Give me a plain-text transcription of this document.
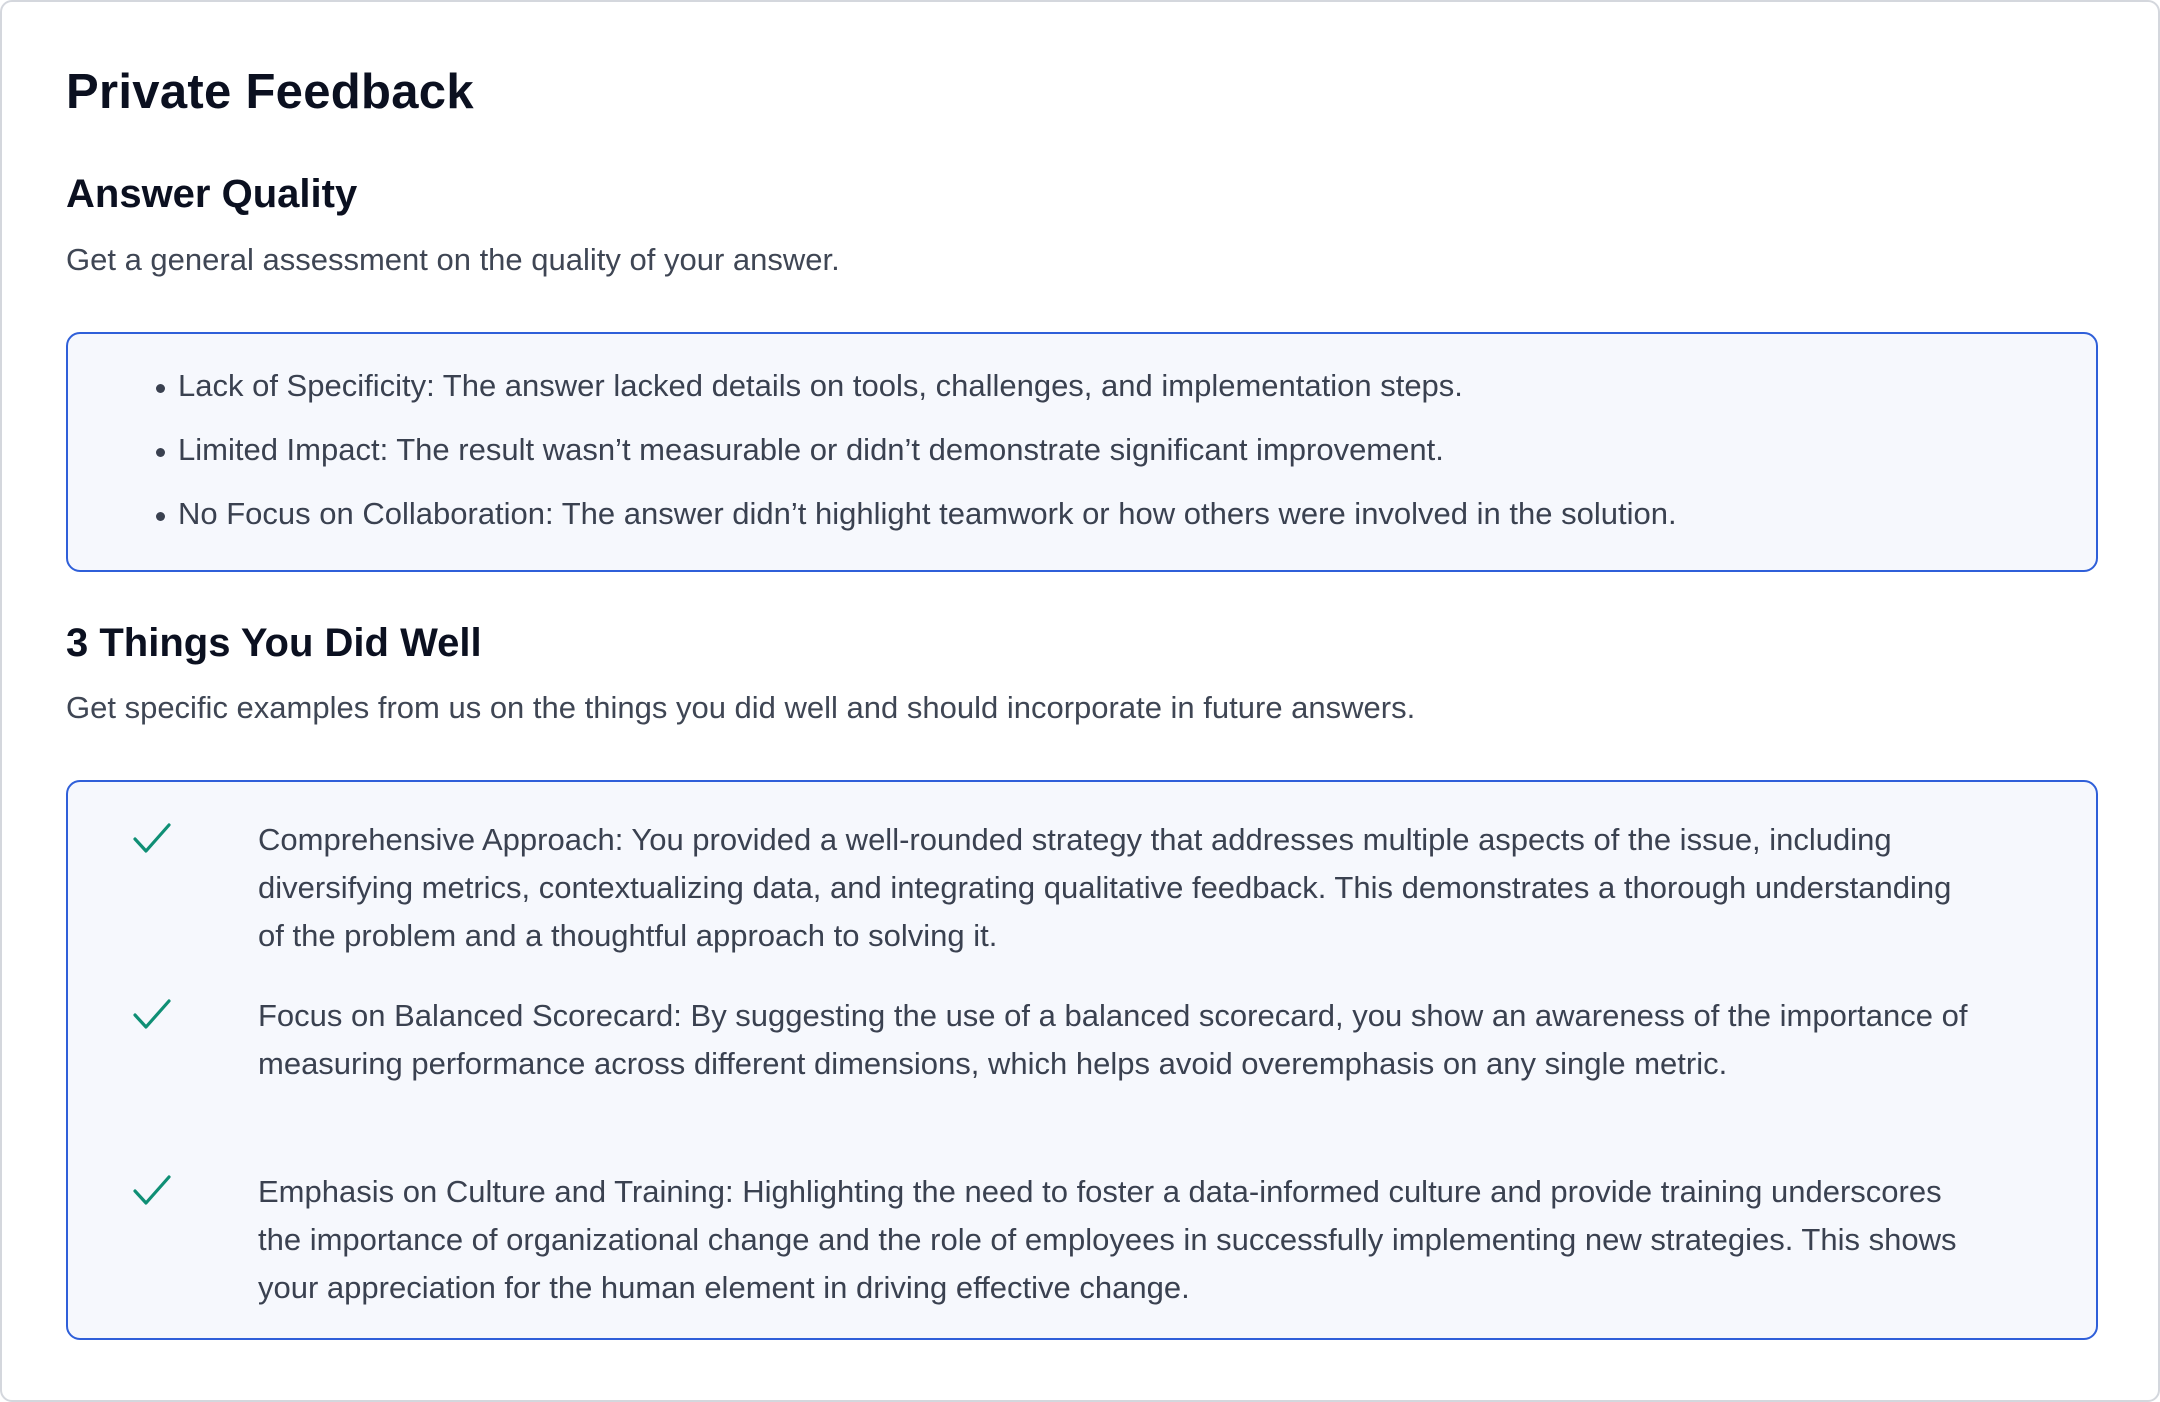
Private Feedback
Answer Quality

Get a general assessment on the quality of your answer.

Lack of Specificity: The answer lacked details on tools, challenges, and implementation steps.
Limited Impact: The result wasn’t measurable or didn’t demonstrate significant improvement.
No Focus on Collaboration: The answer didn’t highlight teamwork or how others were involved in the solution.
3 Things You Did Well

Get specific examples from us on the things you did well and should incorporate in future answers.

Comprehensive Approach: You provided a well-rounded strategy that addresses multiple aspects of the issue, including diversifying metrics, contextualizing data, and integrating qualitative feedback. This demonstrates a thorough understanding of the problem and a thoughtful approach to solving it.
Focus on Balanced Scorecard: By suggesting the use of a balanced scorecard, you show an awareness of the importance of measuring performance across different dimensions, which helps avoid overemphasis on any single metric.
Emphasis on Culture and Training: Highlighting the need to foster a data-informed culture and provide training underscores the importance of organizational change and the role of employees in successfully implementing new strategies. This shows your appreciation for the human element in driving effective change.
